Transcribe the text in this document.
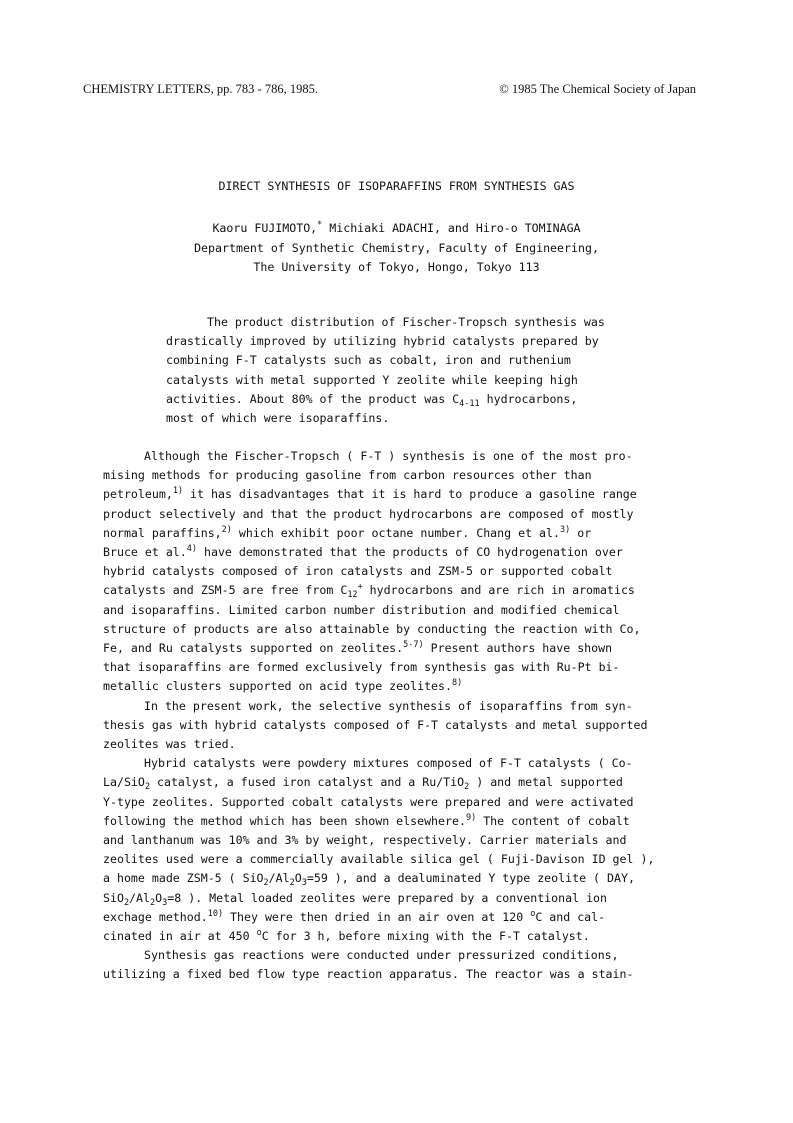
CHEMISTRY LETTERS, pp. 783 - 786, 1985.	© 1985 The Chemical Society of Japan
DIRECT SYNTHESIS OF ISOPARAFFINS FROM SYNTHESIS GAS
Kaoru FUJIMOTO,* Michiaki ADACHI, and Hiro-o TOMINAGA
Department of Synthetic Chemistry, Faculty of Engineering,
The University of Tokyo, Hongo, Tokyo 113
The product distribution of Fischer-Tropsch synthesis was
drastically improved by utilizing hybrid catalysts prepared by
combining F-T catalysts such as cobalt, iron and ruthenium
catalysts with metal supported Y zeolite while keeping high
activities. About 80% of the product was $C_{4-11}$ hydrocarbons,
most of which were isoparaffins.
Although the Fischer-Tropsch ( F-T ) synthesis is one of the most pro-
mising methods for producing gasoline from carbon resources other than
petroleum,$^{1)}$ it has disadvantages that it is hard to produce a gasoline range
product selectively and that the product hydrocarbons are composed of mostly
normal paraffins,$^{2)}$ which exhibit poor octane number. Chang et al.$^{3)}$ or
Bruce et al.$^{4)}$ have demonstrated that the products of CO hydrogenation over
hybrid catalysts composed of iron catalysts and ZSM-5 or supported cobalt
catalysts and ZSM-5 are free from $C_{12}^+$ hydrocarbons and are rich in aromatics
and isoparaffins. Limited carbon number distribution and modified chemical
structure of products are also attainable by conducting the reaction with Co,
Fe, and Ru catalysts supported on zeolites.$^{5-7)}$ Present authors have shown
that isoparaffins are formed exclusively from synthesis gas with Ru-Pt bi-
metallic clusters supported on acid type zeolites.$^{8)}$
In the present work, the selective synthesis of isoparaffins from syn-
thesis gas with hybrid catalysts composed of F-T catalysts and metal supported
zeolites was tried.
Hybrid catalysts were powdery mixtures composed of F-T catalysts ( Co-
La/SiO$_2$ catalyst, a fused iron catalyst and a Ru/TiO$_2$ ) and metal supported
Y-type zeolites. Supported cobalt catalysts were prepared and were activated
following the method which has been shown elsewhere.$^{9)}$ The content of cobalt
and lanthanum was 10% and 3% by weight, respectively. Carrier materials and
zeolites used were a commercially available silica gel ( Fuji-Davison ID gel ),
a home made ZSM-5 ( $SiO_2/Al_2O_3=59$ ), and a dealuminated Y type zeolite ( DAY,
$SiO_2/Al_2O_3=8$ ). Metal loaded zeolites were prepared by a conventional ion
exchage method.$^{10)}$ They were then dried in an air oven at 120 $^o$C and cal-
cinated in air at 450 $^o$C for 3 h, before mixing with the F-T catalyst.
Synthesis gas reactions were conducted under pressurized conditions,
utilizing a fixed bed flow type reaction apparatus. The reactor was a stain-
